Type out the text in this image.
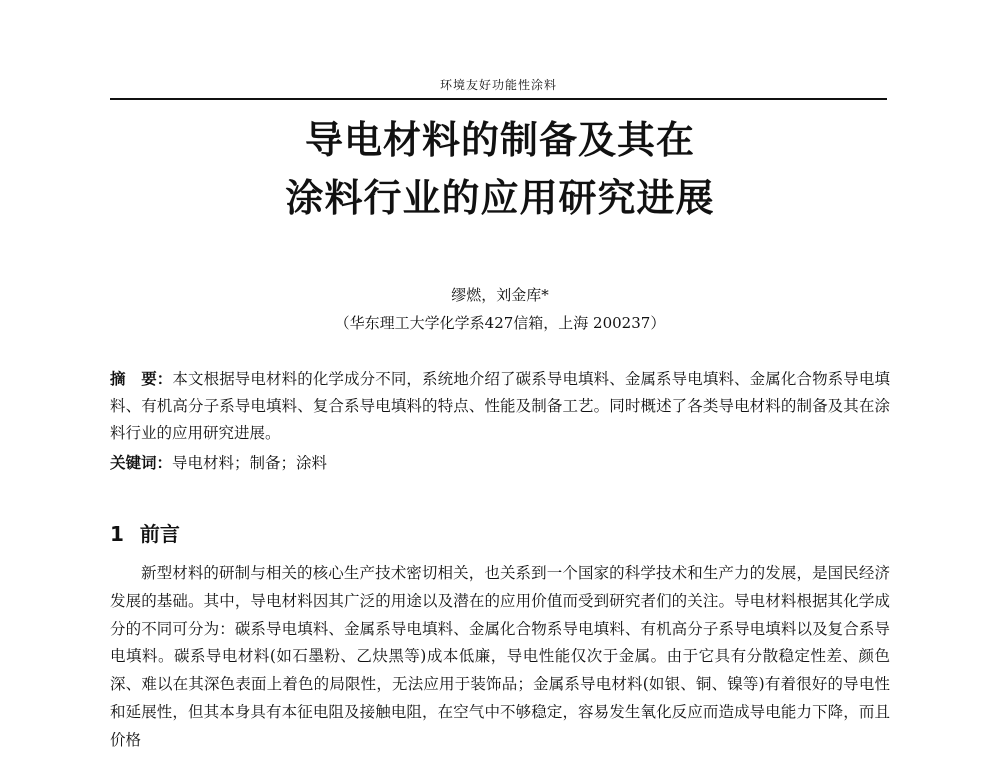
环境友好功能性涂料
导电材料的制备及其在
涂料行业的应用研究进展
缪燃，刘金库*
（华东理工大学化学系427信箱，上海 200237）
摘　要：本文根据导电材料的化学成分不同，系统地介绍了碳系导电填料、金属系导电填料、金属化合物系导电填料、有机高分子系导电填料、复合系导电填料的特点、性能及制备工艺。同时概述了各类导电材料的制备及其在涂料行业的应用研究进展。
关键词：导电材料；制备；涂料
1 前言
新型材料的研制与相关的核心生产技术密切相关，也关系到一个国家的科学技术和生产力的发展，是国民经济发展的基础。其中，导电材料因其广泛的用途以及潜在的应用价值而受到研究者们的关注。导电材料根据其化学成分的不同可分为：碳系导电填料、金属系导电填料、金属化合物系导电填料、有机高分子系导电填料以及复合系导电填料。碳系导电材料(如石墨粉、乙炔黑等)成本低廉，导电性能仅次于金属。由于它具有分散稳定性差、颜色深、难以在其深色表面上着色的局限性，无法应用于装饰品；金属系导电材料(如银、铜、镍等)有着很好的导电性和延展性，但其本身具有本征电阻及接触电阻，在空气中不够稳定，容易发生氧化反应而造成导电能力下降，而且价格
